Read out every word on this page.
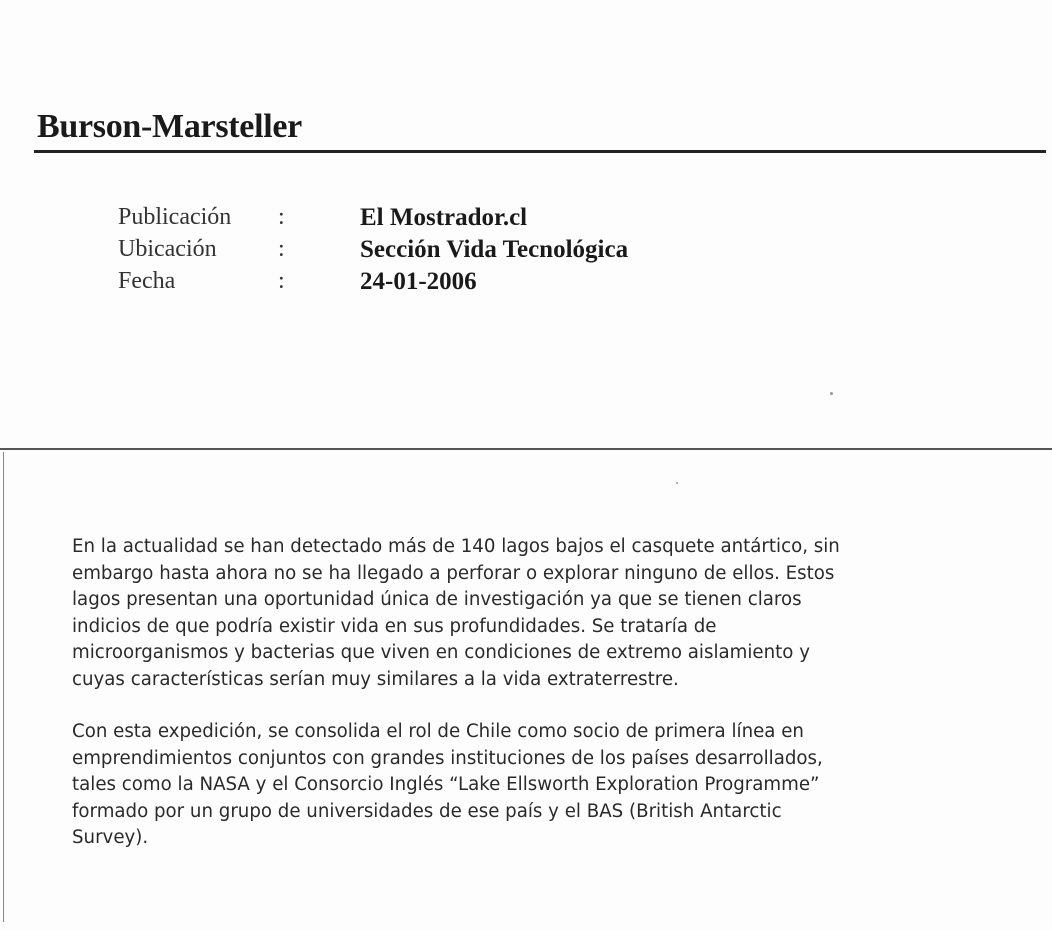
Burson-Marsteller
Publicación :	El Mostrador.cl
Ubicación	:	Sección Vida Tecnológica
Fecha	:	24-01-2006

En la actualidad se han detectado más de 140 lagos bajos el casquete antártico, sin
embargo hasta ahora no se ha llegado a perforar o explorar ninguno de ellos. Estos
lagos presentan una oportunidad única de investigación ya que se tienen claros
indicios de que podría existir vida en sus profundidades. Se trataría de
microorganismos y bacterias que viven en condiciones de extremo aislamiento y
cuyas características serían muy similares a la vida extraterrestre.

Con esta expedición, se consolida el rol de Chile como socio de primera línea en
emprendimientos conjuntos con grandes instituciones de los países desarrollados,
tales como la NASA y el Consorcio Inglés “Lake Ellsworth Exploration Programme”
formado por un grupo de universidades de ese país y el BAS (British Antarctic
Survey).
